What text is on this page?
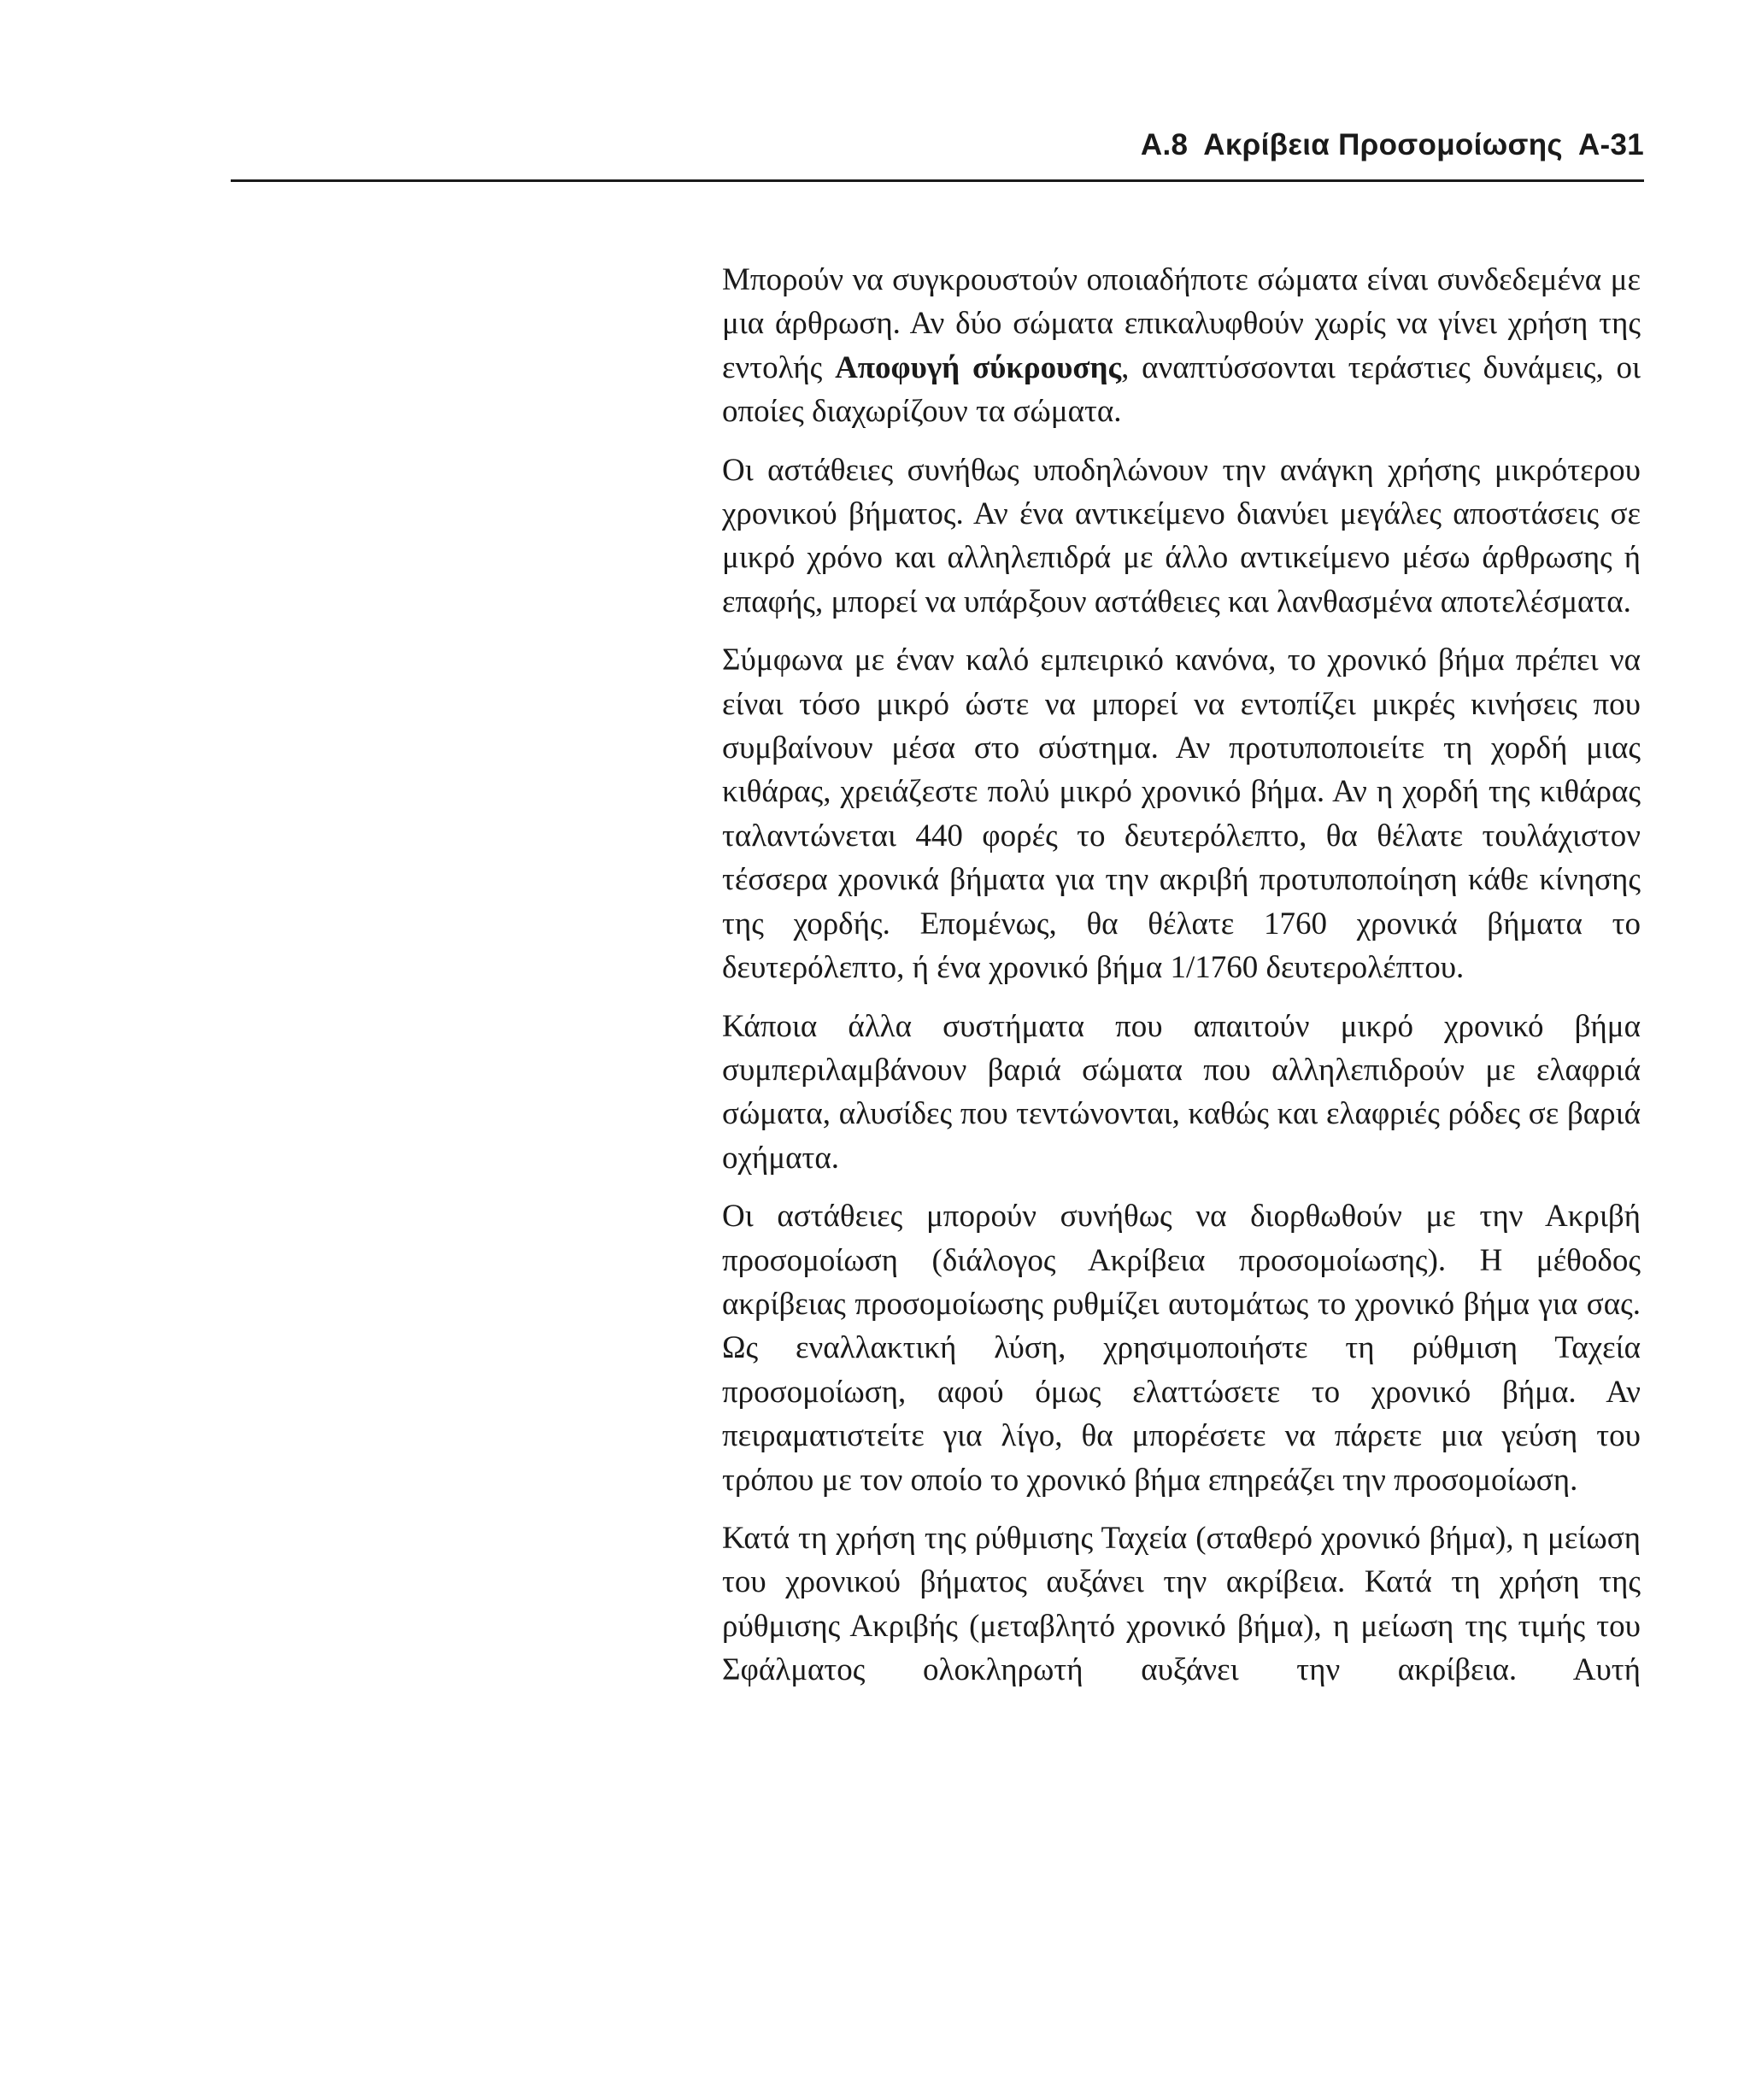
A.8 Ακρίβεια Προσομοίωσης A-31

Μπορούν να συγκρουστούν οποιαδήποτε σώματα είναι συνδεδεμένα με μια άρθρωση. Αν δύο σώματα επικαλυφθούν χωρίς να γίνει χρήση της εντολής Αποφυγή σύκρουσης, αναπτύσσονται τεράστιες δυνάμεις, οι οποίες διαχωρίζουν τα σώματα.

Οι αστάθειες συνήθως υποδηλώνουν την ανάγκη χρήσης μικρότερου χρονικού βήματος. Αν ένα αντικείμενο διανύει μεγάλες αποστάσεις σε μικρό χρόνο και αλληλεπιδρά με άλλο αντικείμενο μέσω άρθρωσης ή επαφής, μπορεί να υπάρξουν αστάθειες και λανθασμένα αποτελέσματα.

Σύμφωνα με έναν καλό εμπειρικό κανόνα, το χρονικό βήμα πρέπει να είναι τόσο μικρό ώστε να μπορεί να εντοπίζει μικρές κινήσεις που συμβαίνουν μέσα στο σύστημα. Αν προτυποποιείτε τη χορδή μιας κιθάρας, χρειάζεστε πολύ μικρό χρονικό βήμα. Αν η χορδή της κιθάρας ταλαντώνεται 440 φορές το δευτερόλεπτο, θα θέλατε τουλάχιστον τέσσερα χρονικά βήματα για την ακριβή προτυποποίηση κάθε κίνησης της χορδής. Επομένως, θα θέλατε 1760 χρονικά βήματα το δευτερόλεπτο, ή ένα χρονικό βήμα 1/1760 δευτερολέπτου.

Κάποια άλλα συστήματα που απαιτούν μικρό χρονικό βήμα συμπεριλαμβάνουν βαριά σώματα που αλληλεπιδρούν με ελαφριά σώματα, αλυσίδες που τεντώνονται, καθώς και ελαφριές ρόδες σε βαριά οχήματα.

Οι αστάθειες μπορούν συνήθως να διορθωθούν με την Ακριβή προσομοίωση (διάλογος Ακρίβεια προσομοίωσης). Η μέθοδος ακρίβειας προσομοίωσης ρυθμίζει αυτομάτως το χρονικό βήμα για σας. Ως εναλλακτική λύση, χρησιμοποιήστε τη ρύθμιση Ταχεία προσομοίωση, αφού όμως ελαττώσετε το χρονικό βήμα. Αν πειραματιστείτε για λίγο, θα μπορέσετε να πάρετε μια γεύση του τρόπου με τον οποίο το χρονικό βήμα επηρεάζει την προσομοίωση.

Κατά τη χρήση της ρύθμισης Ταχεία (σταθερό χρονικό βήμα), η μείωση του χρονικού βήματος αυξάνει την ακρίβεια. Κατά τη χρήση της ρύθμισης Ακριβής (μεταβλητό χρονικό βήμα), η μείωση της τιμής του Σφάλματος ολοκληρωτή αυξάνει την ακρίβεια. Αυτή
